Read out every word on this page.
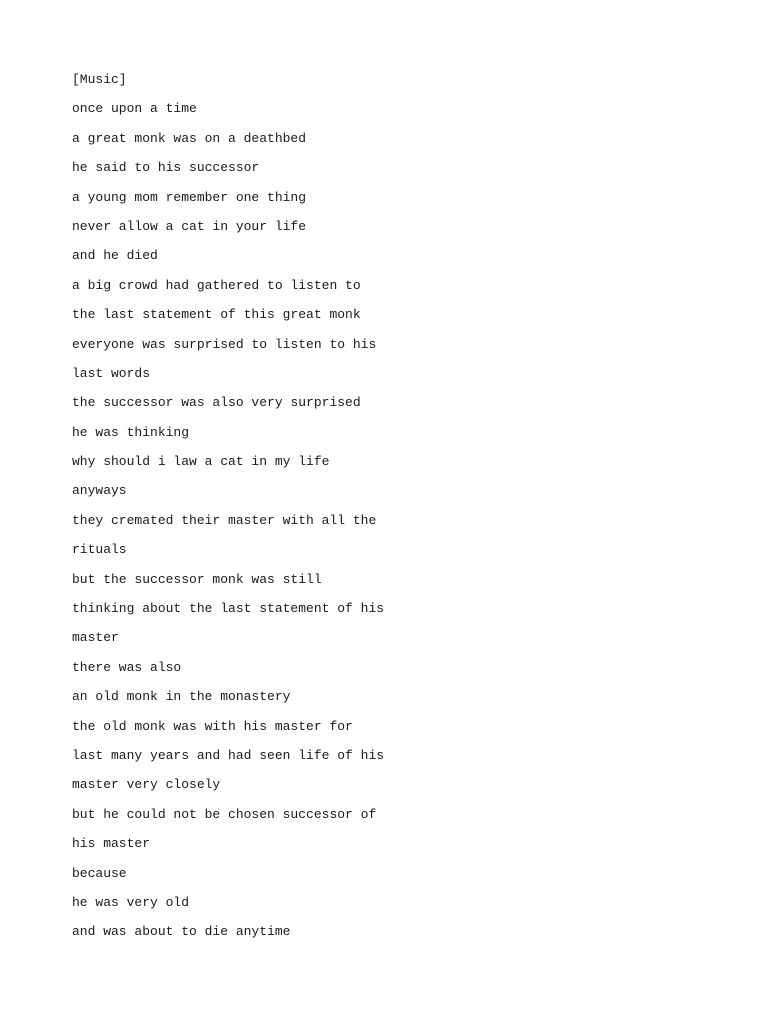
[Music]
once upon a time
a great monk was on a deathbed
he said to his successor
a young mom remember one thing
never allow a cat in your life
and he died
a big crowd had gathered to listen to
the last statement of this great monk
everyone was surprised to listen to his
last words
the successor was also very surprised
he was thinking
why should i law a cat in my life
anyways
they cremated their master with all the
rituals
but the successor monk was still
thinking about the last statement of his
master
there was also
an old monk in the monastery
the old monk was with his master for
last many years and had seen life of his
master very closely
but he could not be chosen successor of
his master
because
he was very old
and was about to die anytime
